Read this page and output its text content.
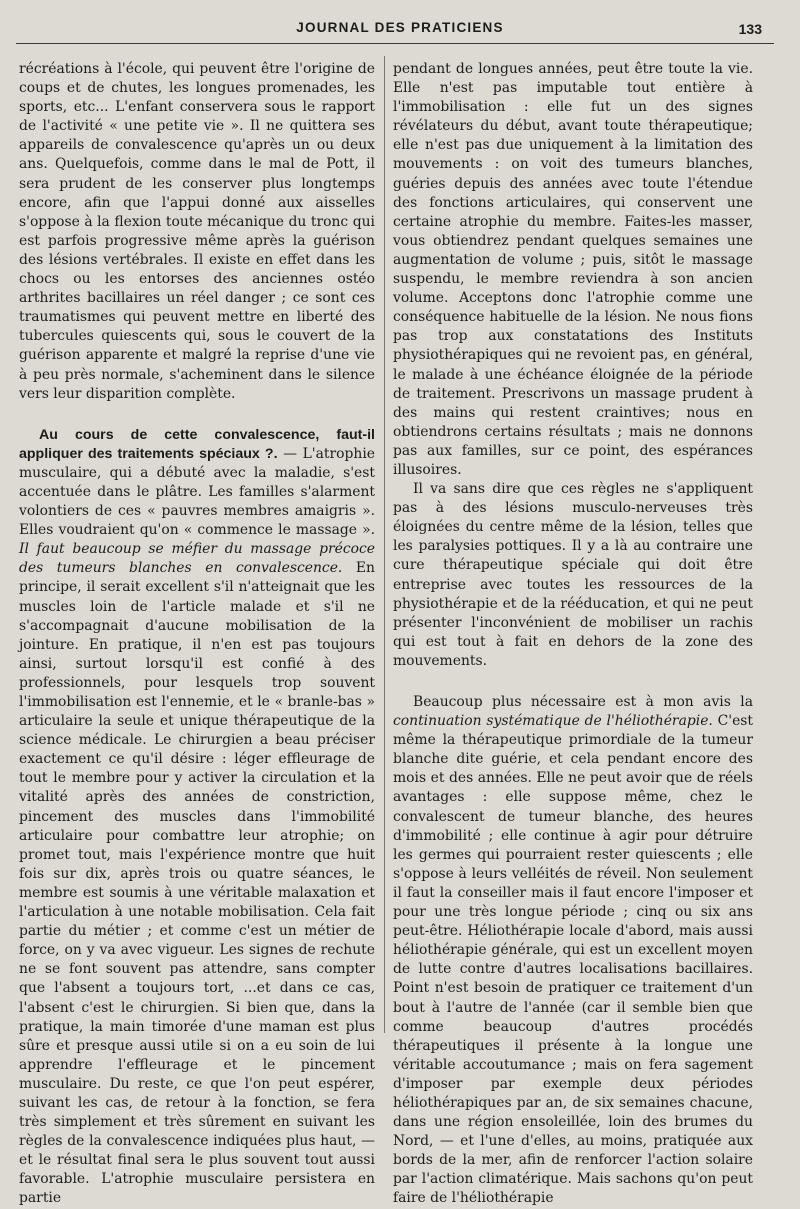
JOURNAL DES PRATICIENS	133

récréations à l'école, qui peuvent être l'origine de coups et de chutes, les longues promenades, les sports, etc... L'enfant conservera sous le rapport de l'activité « une petite vie ». Il ne quittera ses appareils de convalescence qu'après un ou deux ans. Quelquefois, comme dans le mal de Pott, il sera prudent de les conserver plus longtemps encore, afin que l'appui donné aux aisselles s'oppose à la flexion toute mécanique du tronc qui est parfois progressive même après la guérison des lésions vertébrales. Il existe en effet dans les chocs ou les entorses des anciennes ostéo arthrites bacillaires un réel danger ; ce sont ces traumatismes qui peuvent mettre en liberté des tubercules quiescents qui, sous le couvert de la guérison apparente et malgré la reprise d'une vie à peu près normale, s'acheminent dans le silence vers leur disparition complète.

Au cours de cette convalescence, faut-il appliquer des traitements spéciaux ?. — L'atrophie musculaire, qui a débuté avec la maladie, s'est accentuée dans le plâtre. Les familles s'alarment volontiers de ces « pauvres membres amaigris ». Elles voudraient qu'on « commence le massage ». Il faut beaucoup se méfier du massage précoce des tumeurs blanches en convalescence. En principe, il serait excellent s'il n'atteignait que les muscles loin de l'article malade et s'il ne s'accompagnait d'aucune mobilisation de la jointure. En pratique, il n'en est pas toujours ainsi, surtout lorsqu'il est confié à des professionnels, pour lesquels trop souvent l'immobilisation est l'ennemie, et le « branle-bas » articulaire la seule et unique thérapeutique de la science médicale. Le chirurgien a beau préciser exactement ce qu'il désire : léger effleurage de tout le membre pour y activer la circulation et la vitalité après des années de constriction, pincement des muscles dans l'immobilité articulaire pour combattre leur atrophie; on promet tout, mais l'expérience montre que huit fois sur dix, après trois ou quatre séances, le membre est soumis à une véritable malaxation et l'articulation à une notable mobilisation. Cela fait partie du métier ; et comme c'est un métier de force, on y va avec vigueur. Les signes de rechute ne se font souvent pas attendre, sans compter que l'absent a toujours tort, ...et dans ce cas, l'absent c'est le chirurgien. Si bien que, dans la pratique, la main timorée d'une maman est plus sûre et presque aussi utile si on a eu soin de lui apprendre l'effleurage et le pincement musculaire. Du reste, ce que l'on peut espérer, suivant les cas, de retour à la fonction, se fera très simplement et très sûrement en suivant les règles de la convalescence indiquées plus haut, — et le résultat final sera le plus souvent tout aussi favorable. L'atrophie musculaire persistera en partie

pendant de longues années, peut être toute la vie. Elle n'est pas imputable tout entière à l'immobilisation : elle fut un des signes révélateurs du début, avant toute thérapeutique; elle n'est pas due uniquement à la limitation des mouvements : on voit des tumeurs blanches, guéries depuis des années avec toute l'étendue des fonctions articulaires, qui conservent une certaine atrophie du membre. Faites-les masser, vous obtiendrez pendant quelques semaines une augmentation de volume ; puis, sitôt le massage suspendu, le membre reviendra à son ancien volume. Acceptons donc l'atrophie comme une conséquence habituelle de la lésion. Ne nous fions pas trop aux constatations des Instituts physiothérapiques qui ne revoient pas, en général, le malade à une échéance éloignée de la période de traitement. Prescrivons un massage prudent à des mains qui restent craintives; nous en obtiendrons certains résultats ; mais ne donnons pas aux familles, sur ce point, des espérances illusoires.

Il va sans dire que ces règles ne s'appliquent pas à des lésions musculo-nerveuses très éloignées du centre même de la lésion, telles que les paralysies pottiques. Il y a là au contraire une cure thérapeutique spéciale qui doit être entreprise avec toutes les ressources de la physiothérapie et de la rééducation, et qui ne peut présenter l'inconvénient de mobiliser un rachis qui est tout à fait en dehors de la zone des mouvements.

Beaucoup plus nécessaire est à mon avis la continuation systématique de l'héliothérapie. C'est même la thérapeutique primordiale de la tumeur blanche dite guérie, et cela pendant encore des mois et des années. Elle ne peut avoir que de réels avantages : elle suppose même, chez le convalescent de tumeur blanche, des heures d'immobilité ; elle continue à agir pour détruire les germes qui pourraient rester quiescents ; elle s'oppose à leurs velléités de réveil. Non seulement il faut la conseiller mais il faut encore l'imposer et pour une très longue période ; cinq ou six ans peut-être. Héliothérapie locale d'abord, mais aussi héliothérapie générale, qui est un excellent moyen de lutte contre d'autres localisations bacillaires. Point n'est besoin de pratiquer ce traitement d'un bout à l'autre de l'année (car il semble bien que comme beaucoup d'autres procédés thérapeutiques il présente à la longue une véritable accoutumance ; mais on fera sagement d'imposer par exemple deux périodes héliothérapiques par an, de six semaines chacune, dans une région ensoleillée, loin des brumes du Nord, — et l'une d'elles, au moins, pratiquée aux bords de la mer, afin de renforcer l'action solaire par l'action climatérique. Mais sachons qu'on peut faire de l'héliothérapie
